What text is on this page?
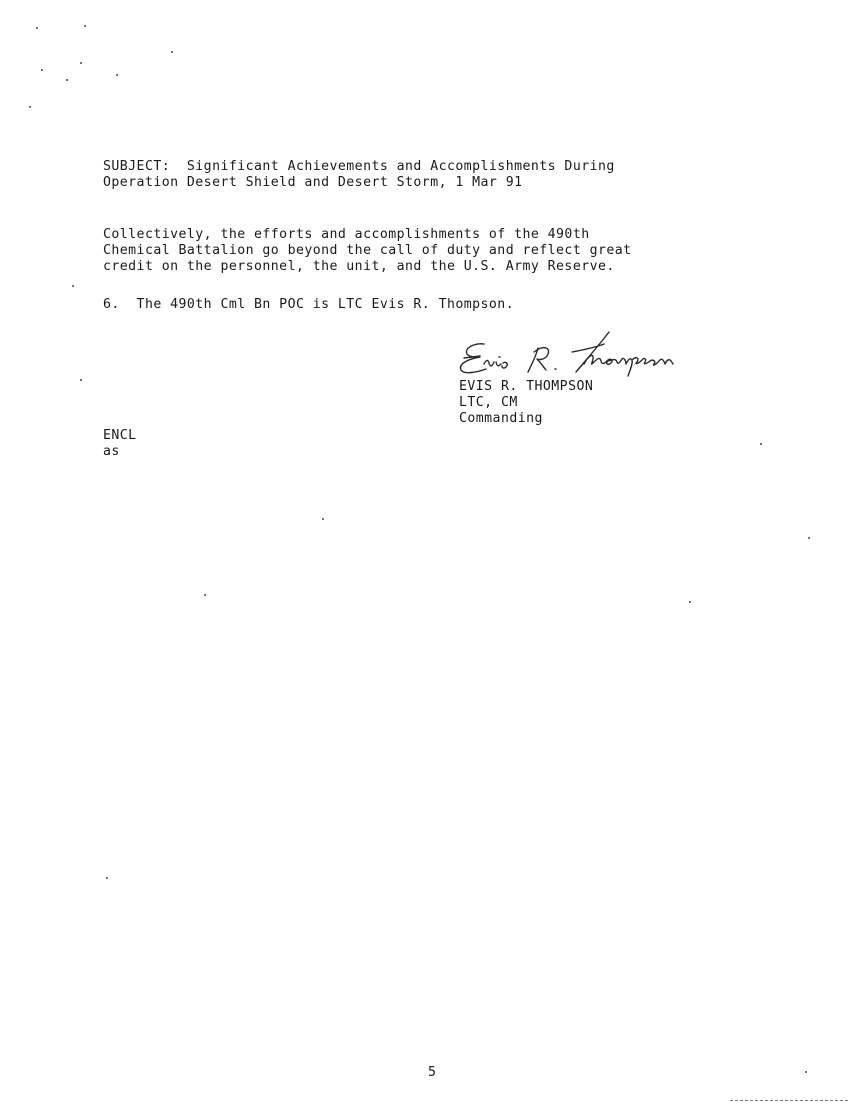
SUBJECT:  Significant Achievements and Accomplishments During
Operation Desert Shield and Desert Storm, 1 Mar 91
Collectively, the efforts and accomplishments of the 490th
Chemical Battalion go beyond the call of duty and reflect great
credit on the personnel, the unit, and the U.S. Army Reserve.
6.  The 490th Cml Bn POC is LTC Evis R. Thompson.
EVIS R. THOMPSON
LTC, CM
Commanding
ENCL
as
5
